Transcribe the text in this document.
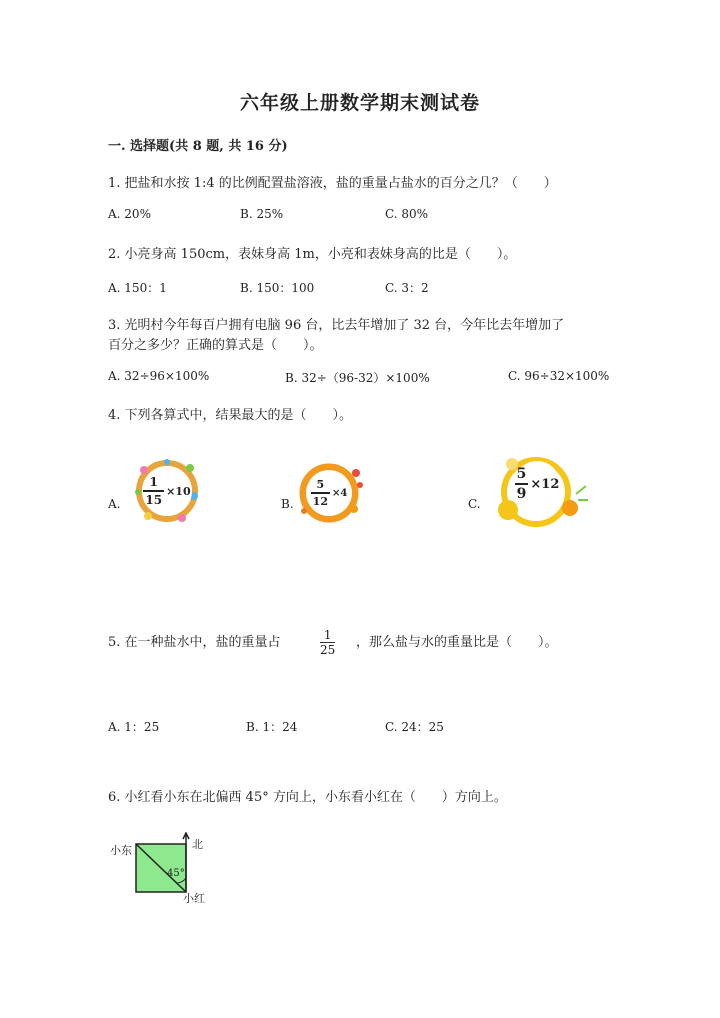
六年级上册数学期末测试卷
一. 选择题(共 8 题, 共 16 分)
1. 把盐和水按 1:4 的比例配置盐溶液，盐的重量占盐水的百分之几？（　　）
A. 20%	B. 25%	C. 80%
2. 小亮身高 150cm，表妹身高 1m，小亮和表妹身高的比是（　　）。
A. 150：1	B. 150：100	C. 3：2
3. 光明村今年每百户拥有电脑 96 台，比去年增加了 32 台，今年比去年增加了
百分之多少？正确的算式是（　　）。
A. 32÷96×100%	B. 32÷（96-32）×100%	C. 96÷32×100%
4. 下列各算式中，结果最大的是（　　）。
A. $\frac{1}{15} \times 10$
B. $\frac{5}{12} \times 4$
C.
$\frac{5}{9} \times 12$
5. 在一种盐水中，盐的重量占	$\frac{1}{25}$ ，那么盐与水的重量比是（　　）。
A. 1：25	B. 1：24	C. 24：25
6. 小红看小东在北偏西 45° 方向上，小东看小红在（　　）方向上。
小东	北
45°
小红
